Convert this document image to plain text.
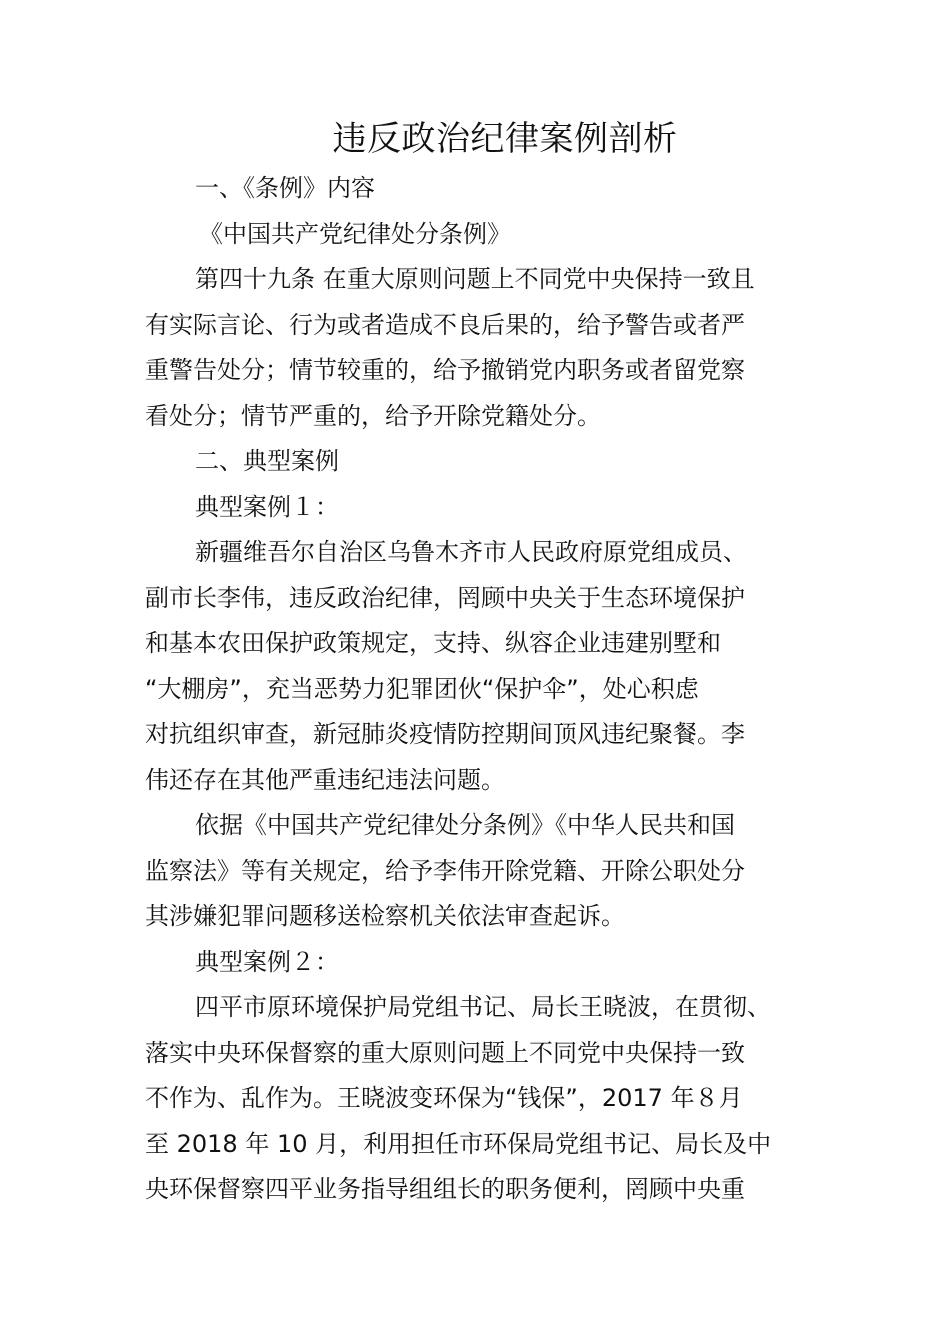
违反政治纪律案例剖析
一、《条例》内容
《中国共产党纪律处分条例》
第四十九条 在重大原则问题上不同党中央保持一致且
有实际言论、行为或者造成不良后果的，给予警告或者严
重警告处分；情节较重的，给予撤销党内职务或者留党察
看处分；情节严重的，给予开除党籍处分。
二、典型案例
典型案例１：
新疆维吾尔自治区乌鲁木齐市人民政府原党组成员、
副市长李伟，违反政治纪律，罔顾中央关于生态环境保护
和基本农田保护政策规定，支持、纵容企业违建别墅和
“大棚房”，充当恶势力犯罪团伙“保护伞”，处心积虑
对抗组织审查，新冠肺炎疫情防控期间顶风违纪聚餐。李
伟还存在其他严重违纪违法问题。
依据《中国共产党纪律处分条例》《中华人民共和国
监察法》等有关规定，给予李伟开除党籍、开除公职处分
其涉嫌犯罪问题移送检察机关依法审查起诉。
典型案例２：
四平市原环境保护局党组书记、局长王晓波，在贯彻、
落实中央环保督察的重大原则问题上不同党中央保持一致
不作为、乱作为。王晓波变环保为“钱保”，2017 年８月
至 2018 年 10 月，利用担任市环保局党组书记、局长及中
央环保督察四平业务指导组组长的职务便利，罔顾中央重
